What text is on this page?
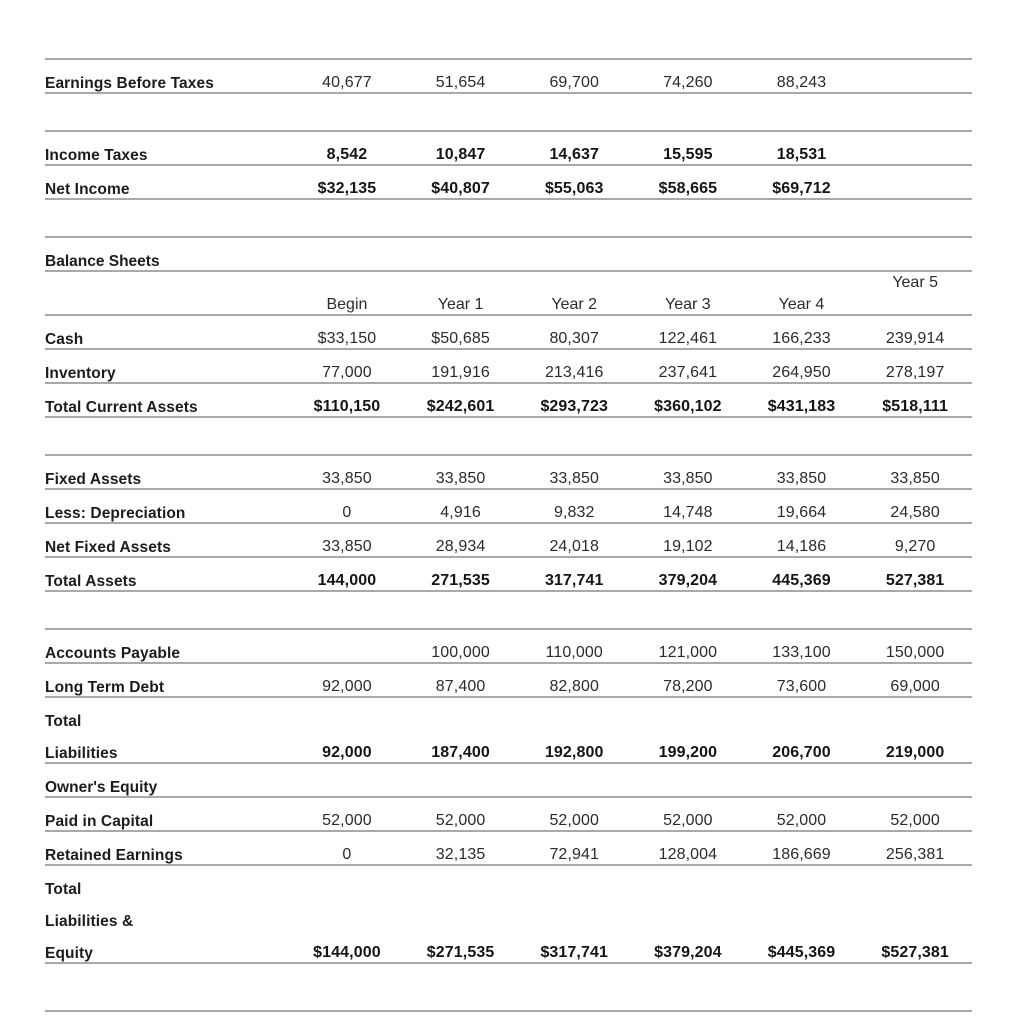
Earnings Before Taxes	40,677	51,654	69,700	74,260	88,243	

Income Taxes	8,542	10,847	14,637	15,595	18,531	
Net Income	$32,135	$40,807	$55,063	$58,665	$69,712	

Balance Sheets						
	Begin	Year 1	Year 2	Year 3	Year 4	Year 5
Cash	$33,150	$50,685	80,307	122,461	166,233	239,914
Inventory	77,000	191,916	213,416	237,641	264,950	278,197
Total Current Assets	$110,150	$242,601	$293,723	$360,102	$431,183	$518,111

Fixed Assets	33,850	33,850	33,850	33,850	33,850	33,850
Less: Depreciation	0	4,916	9,832	14,748	19,664	24,580
Net Fixed Assets	33,850	28,934	24,018	19,102	14,186	9,270
Total Assets	144,000	271,535	317,741	379,204	445,369	527,381

Accounts Payable		100,000	110,000	121,000	133,100	150,000
Long Term Debt	92,000	87,400	82,800	78,200	73,600	69,000
Total						
Liabilities	92,000	187,400	192,800	199,200	206,700	219,000
Owner's Equity						
Paid in Capital	52,000	52,000	52,000	52,000	52,000	52,000
Retained Earnings	0	32,135	72,941	128,004	186,669	256,381
Total						
Liabilities &						
Equity	$144,000	$271,535	$317,741	$379,204	$445,369	$527,381
